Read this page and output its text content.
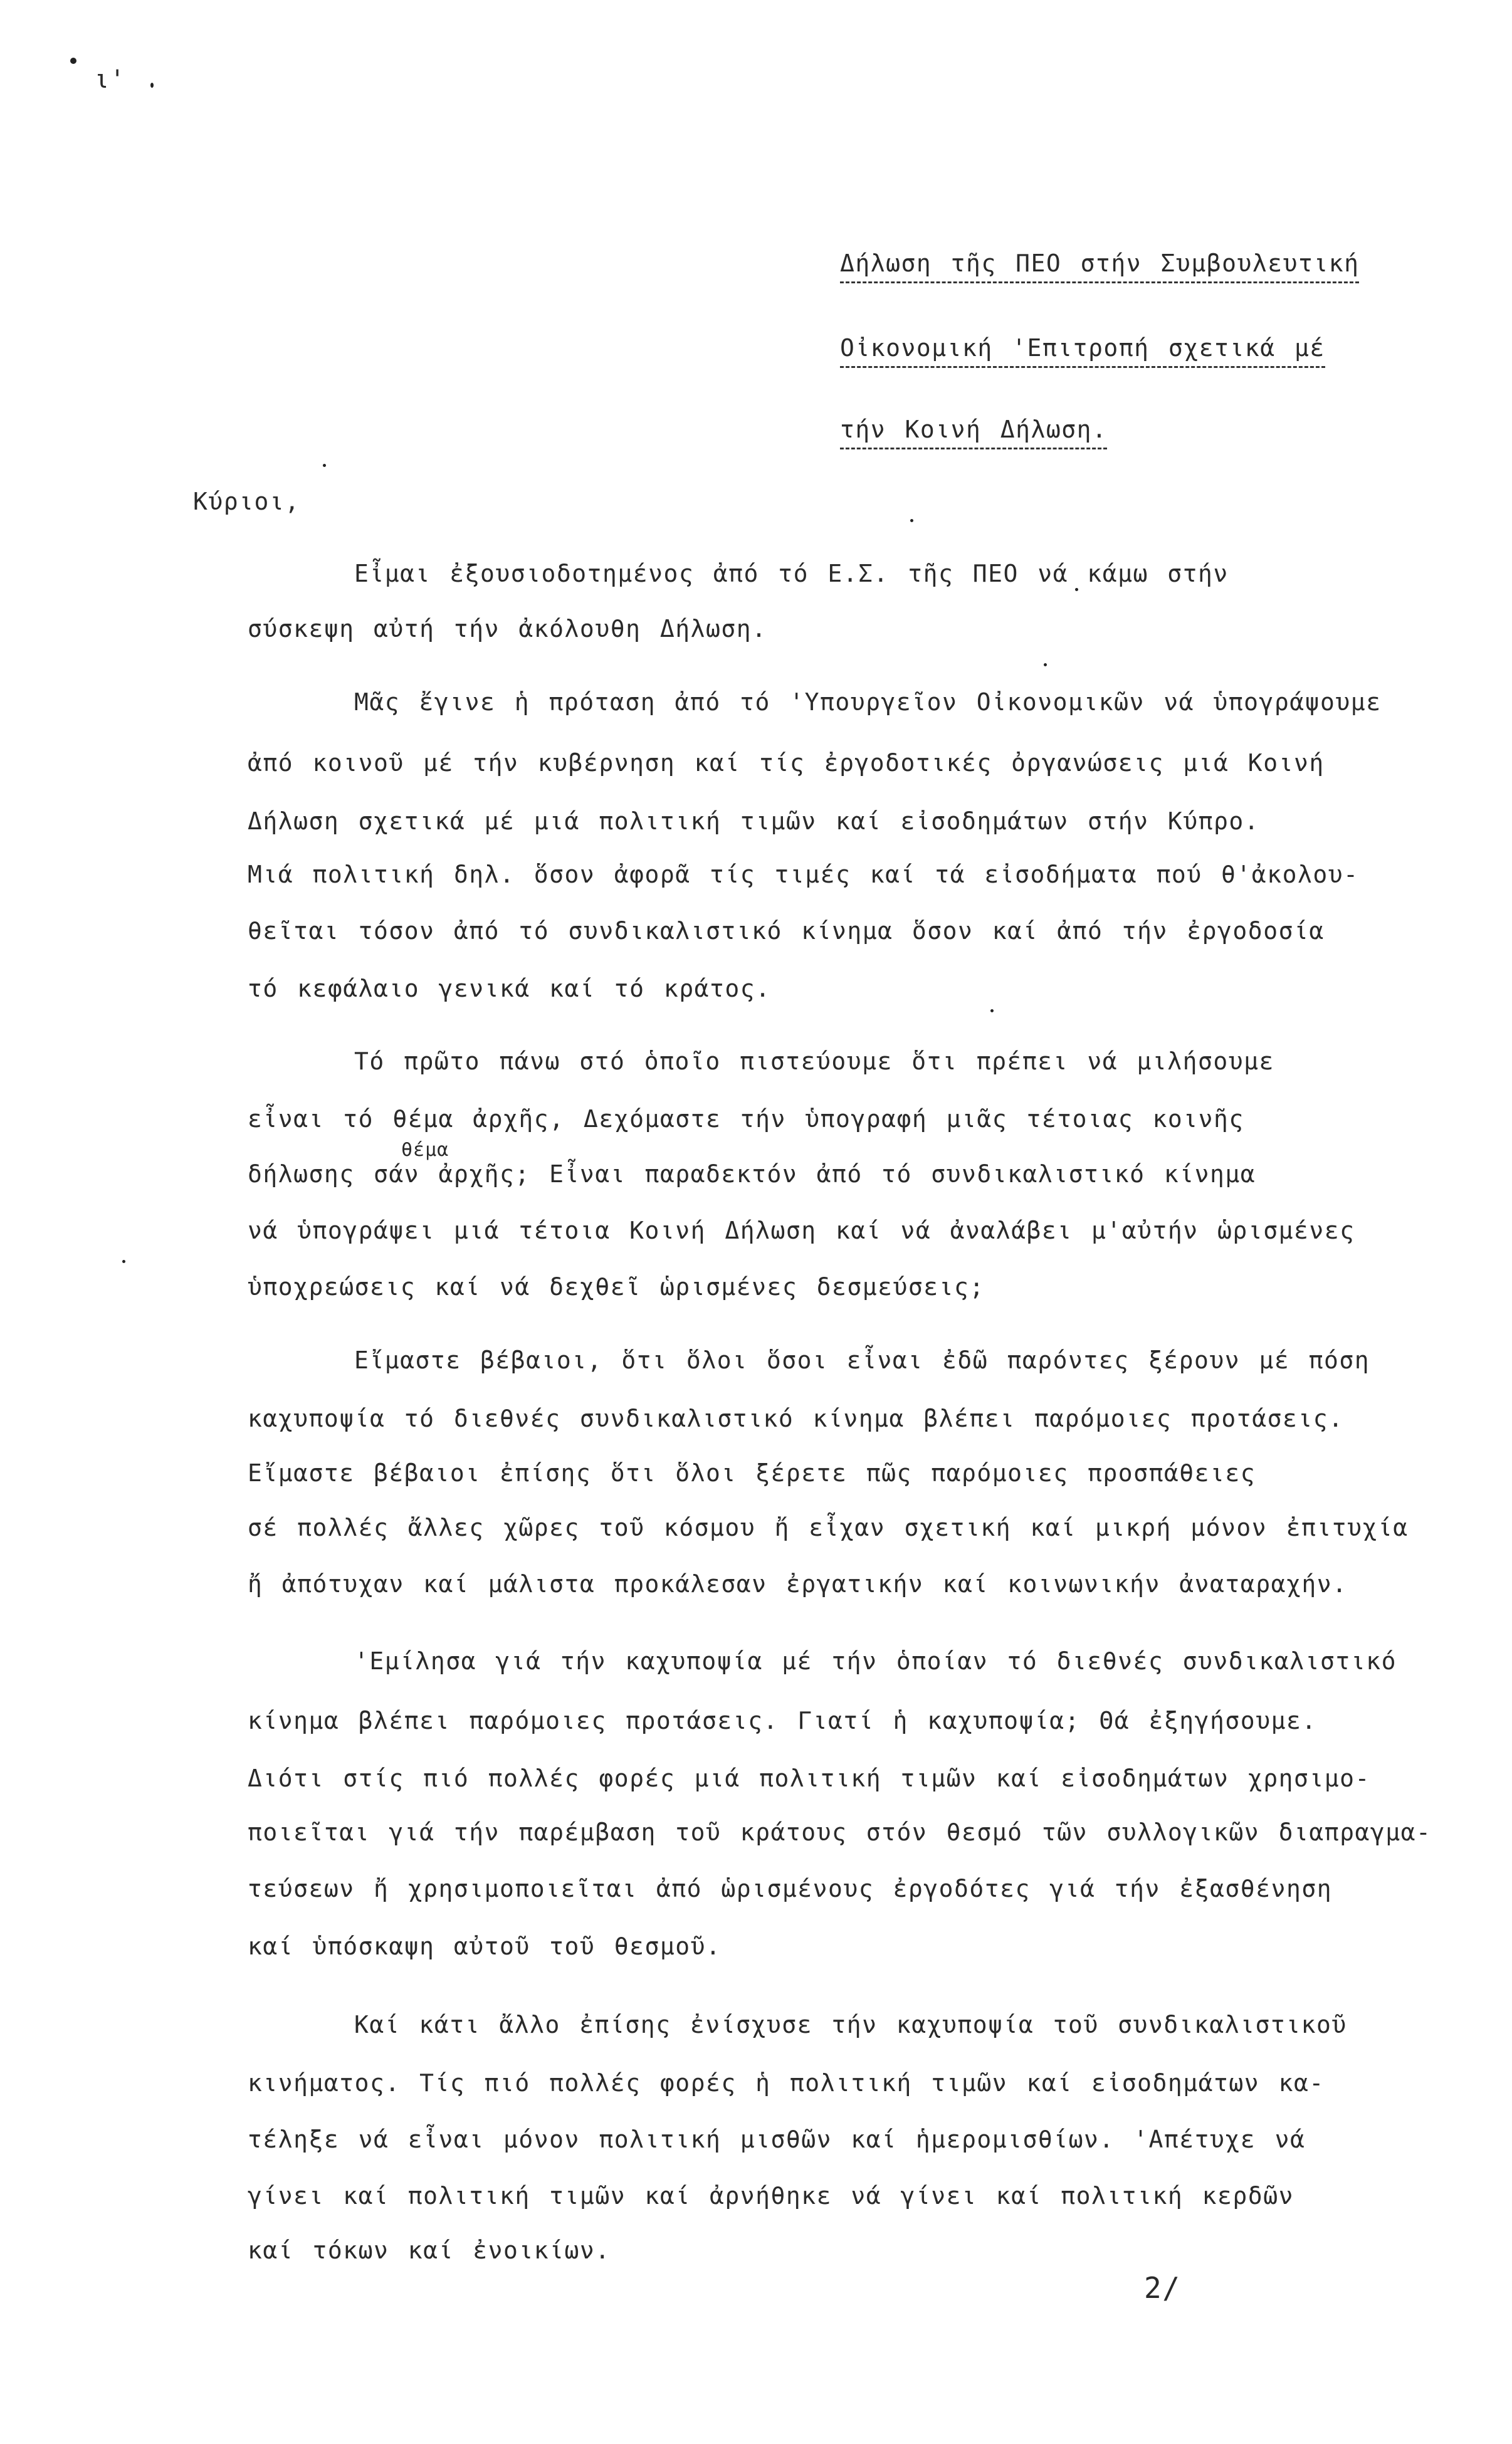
ι'
Δήλωση τῆς ΠΕΟ στήν Συμβουλευτική
Οἰκονομική 'Επιτροπή σχετικά μέ
τήν Κοινή Δήλωση.
Κύριοι,
Εἶμαι ἐξουσιοδοτημένος ἀπό τό Ε.Σ. τῆς ΠΕΟ νά κάμω στήν
σύσκεψη αὐτή τήν ἀκόλουθη Δήλωση.
Μᾶς ἔγινε ἡ πρόταση ἀπό τό 'Υπουργεῖον Οἰκονομικῶν νά ὑπογράψουμε
ἀπό κοινοῦ μέ τήν κυβέρνηση καί τίς ἐργοδοτικές ὀργανώσεις μιά Κοινή
Δήλωση σχετικά μέ μιά πολιτική τιμῶν καί εἰσοδημάτων στήν Κύπρο.
Μιά πολιτική δηλ. ὅσον ἀφορᾶ τίς τιμές καί τά εἰσοδήματα πού θ'ἀκολου-
θεῖται τόσον ἀπό τό συνδικαλιστικό κίνημα ὅσον καί ἀπό τήν ἐργοδοσία
τό κεφάλαιο γενικά καί τό κράτος.
Τό πρῶτο πάνω στό ὁποῖο πιστεύουμε ὅτι πρέπει νά μιλήσουμε
εἶναι τό θέμα ἀρχῆς, Δεχόμαστε τήν ὑπογραφή μιᾶς τέτοιας κοινῆς
θέμα
δήλωσης σάν ἀρχῆς; Εἶναι παραδεκτόν ἀπό τό συνδικαλιστικό κίνημα
νά ὑπογράψει μιά τέτοια Κοινή Δήλωση καί νά ἀναλάβει μ'αὐτήν ὡρισμένες
ὑποχρεώσεις καί νά δεχθεῖ ὡρισμένες δεσμεύσεις;
Εἴμαστε βέβαιοι, ὅτι ὅλοι ὅσοι εἶναι ἐδῶ παρόντες ξέρουν μέ πόση
καχυποψία τό διεθνές συνδικαλιστικό κίνημα βλέπει παρόμοιες προτάσεις.
Εἴμαστε βέβαιοι ἐπίσης ὅτι ὅλοι ξέρετε πῶς παρόμοιες προσπάθειες
σέ πολλές ἄλλες χῶρες τοῦ κόσμου ἤ εἶχαν σχετική καί μικρή μόνον ἐπιτυχία
ἤ ἀπότυχαν καί μάλιστα προκάλεσαν ἐργατικήν καί κοινωνικήν ἀναταραχήν.
'Εμίλησα γιά τήν καχυποψία μέ τήν ὁποίαν τό διεθνές συνδικαλιστικό
κίνημα βλέπει παρόμοιες προτάσεις. Γιατί ἡ καχυποψία; Θά ἐξηγήσουμε.
Διότι στίς πιό πολλές φορές μιά πολιτική τιμῶν καί εἰσοδημάτων χρησιμο-
ποιεῖται γιά τήν παρέμβαση τοῦ κράτους στόν θεσμό τῶν συλλογικῶν διαπραγμα-
τεύσεων ἤ χρησιμοποιεῖται ἀπό ὡρισμένους ἐργοδότες γιά τήν ἐξασθένηση
καί ὑπόσκαψη αὐτοῦ τοῦ θεσμοῦ.
Καί κάτι ἄλλο ἐπίσης ἐνίσχυσε τήν καχυποψία τοῦ συνδικαλιστικοῦ
κινήματος. Τίς πιό πολλές φορές ἡ πολιτική τιμῶν καί εἰσοδημάτων κα-
τέληξε νά εἶναι μόνον πολιτική μισθῶν καί ἡμερομισθίων. 'Απέτυχε νά
γίνει καί πολιτική τιμῶν καί ἀρνήθηκε νά γίνει καί πολιτική κερδῶν
καί τόκων καί ἐνοικίων.
2/
